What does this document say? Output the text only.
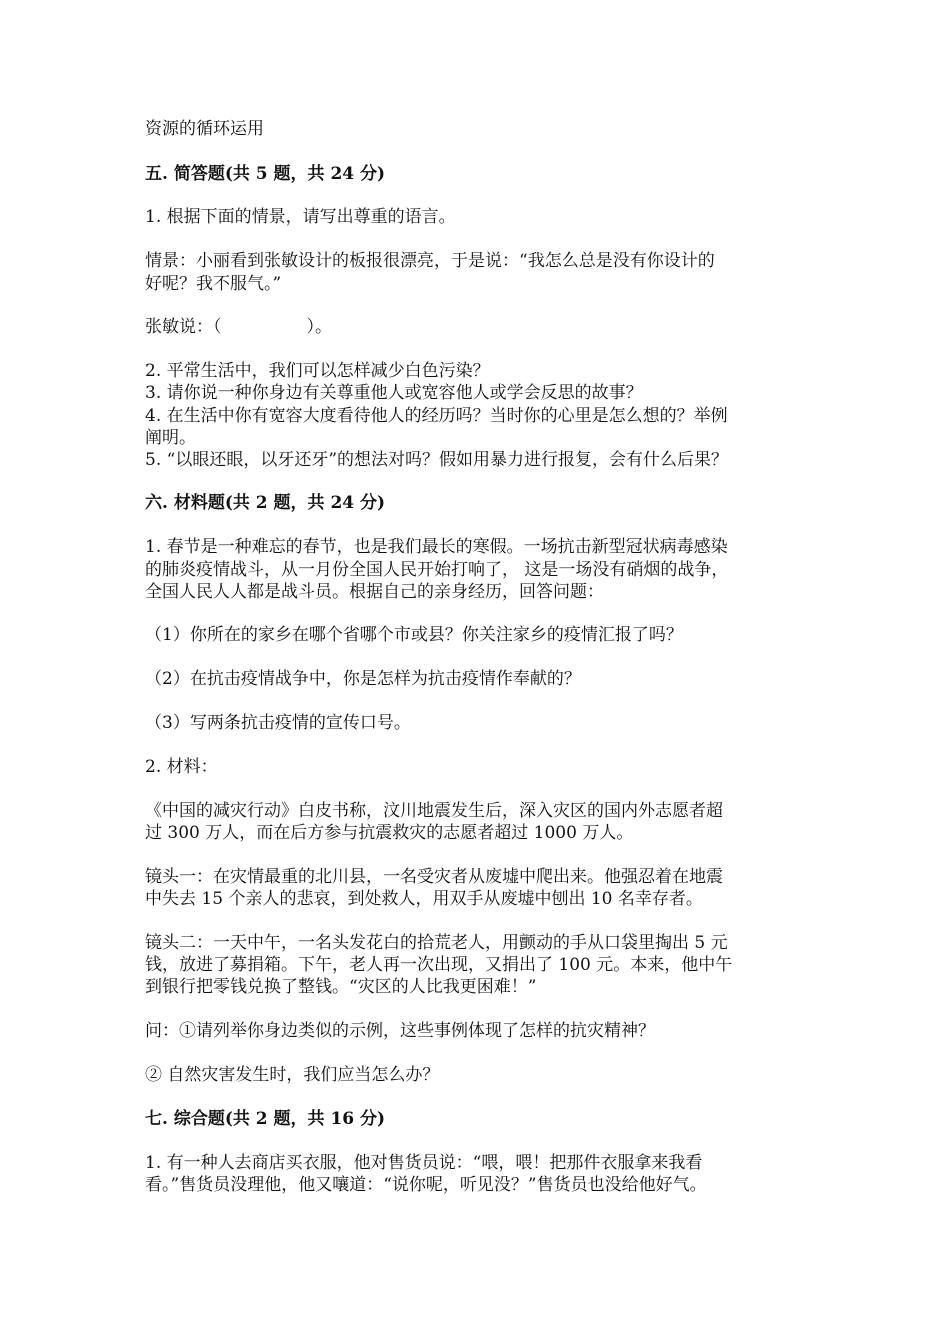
资源的循环运用
五. 简答题(共 5 题，共 24 分)
1. 根据下面的情景，请写出尊重的语言。
情景：小丽看到张敏设计的板报很漂亮，于是说：“我怎么总是没有你设计的
好呢？我不服气。”
张敏说：（　　　　　）。
2. 平常生活中，我们可以怎样减少白色污染？
3. 请你说一种你身边有关尊重他人或宽容他人或学会反思的故事？
4. 在生活中你有宽容大度看待他人的经历吗？当时你的心里是怎么想的？举例
阐明。
5. “以眼还眼，以牙还牙”的想法对吗？假如用暴力进行报复，会有什么后果？
六. 材料题(共 2 题，共 24 分)
1. 春节是一种难忘的春节，也是我们最长的寒假。一场抗击新型冠状病毒感染
的肺炎疫情战斗，从一月份全国人民开始打响了， 这是一场没有硝烟的战争，
全国人民人人都是战斗员。根据自己的亲身经历，回答问题：
（1）你所在的家乡在哪个省哪个市或县？你关注家乡的疫情汇报了吗？
（2）在抗击疫情战争中，你是怎样为抗击疫情作奉献的？
（3）写两条抗击疫情的宣传口号。
2. 材料：
《中国的减灾行动》白皮书称，汶川地震发生后，深入灾区的国内外志愿者超
过 300 万人，而在后方参与抗震救灾的志愿者超过 1000 万人。
镜头一：在灾情最重的北川县，一名受灾者从废墟中爬出来。他强忍着在地震
中失去 15 个亲人的悲哀，到处救人，用双手从废墟中刨出 10 名幸存者。
镜头二：一天中午，一名头发花白的拾荒老人，用颤动的手从口袋里掏出 5 元
钱，放进了募捐箱。下午，老人再一次出现，又捐出了 100 元。本来，他中午
到银行把零钱兑换了整钱。“灾区的人比我更困难！”
问：①请列举你身边类似的示例，这些事例体现了怎样的抗灾精神？
② 自然灾害发生时，我们应当怎么办？
七. 综合题(共 2 题，共 16 分)
1. 有一种人去商店买衣服，他对售货员说：“喂，喂！把那件衣服拿来我看
看。”售货员没理他，他又嚷道：“说你呢，听见没？”售货员也没给他好气。
